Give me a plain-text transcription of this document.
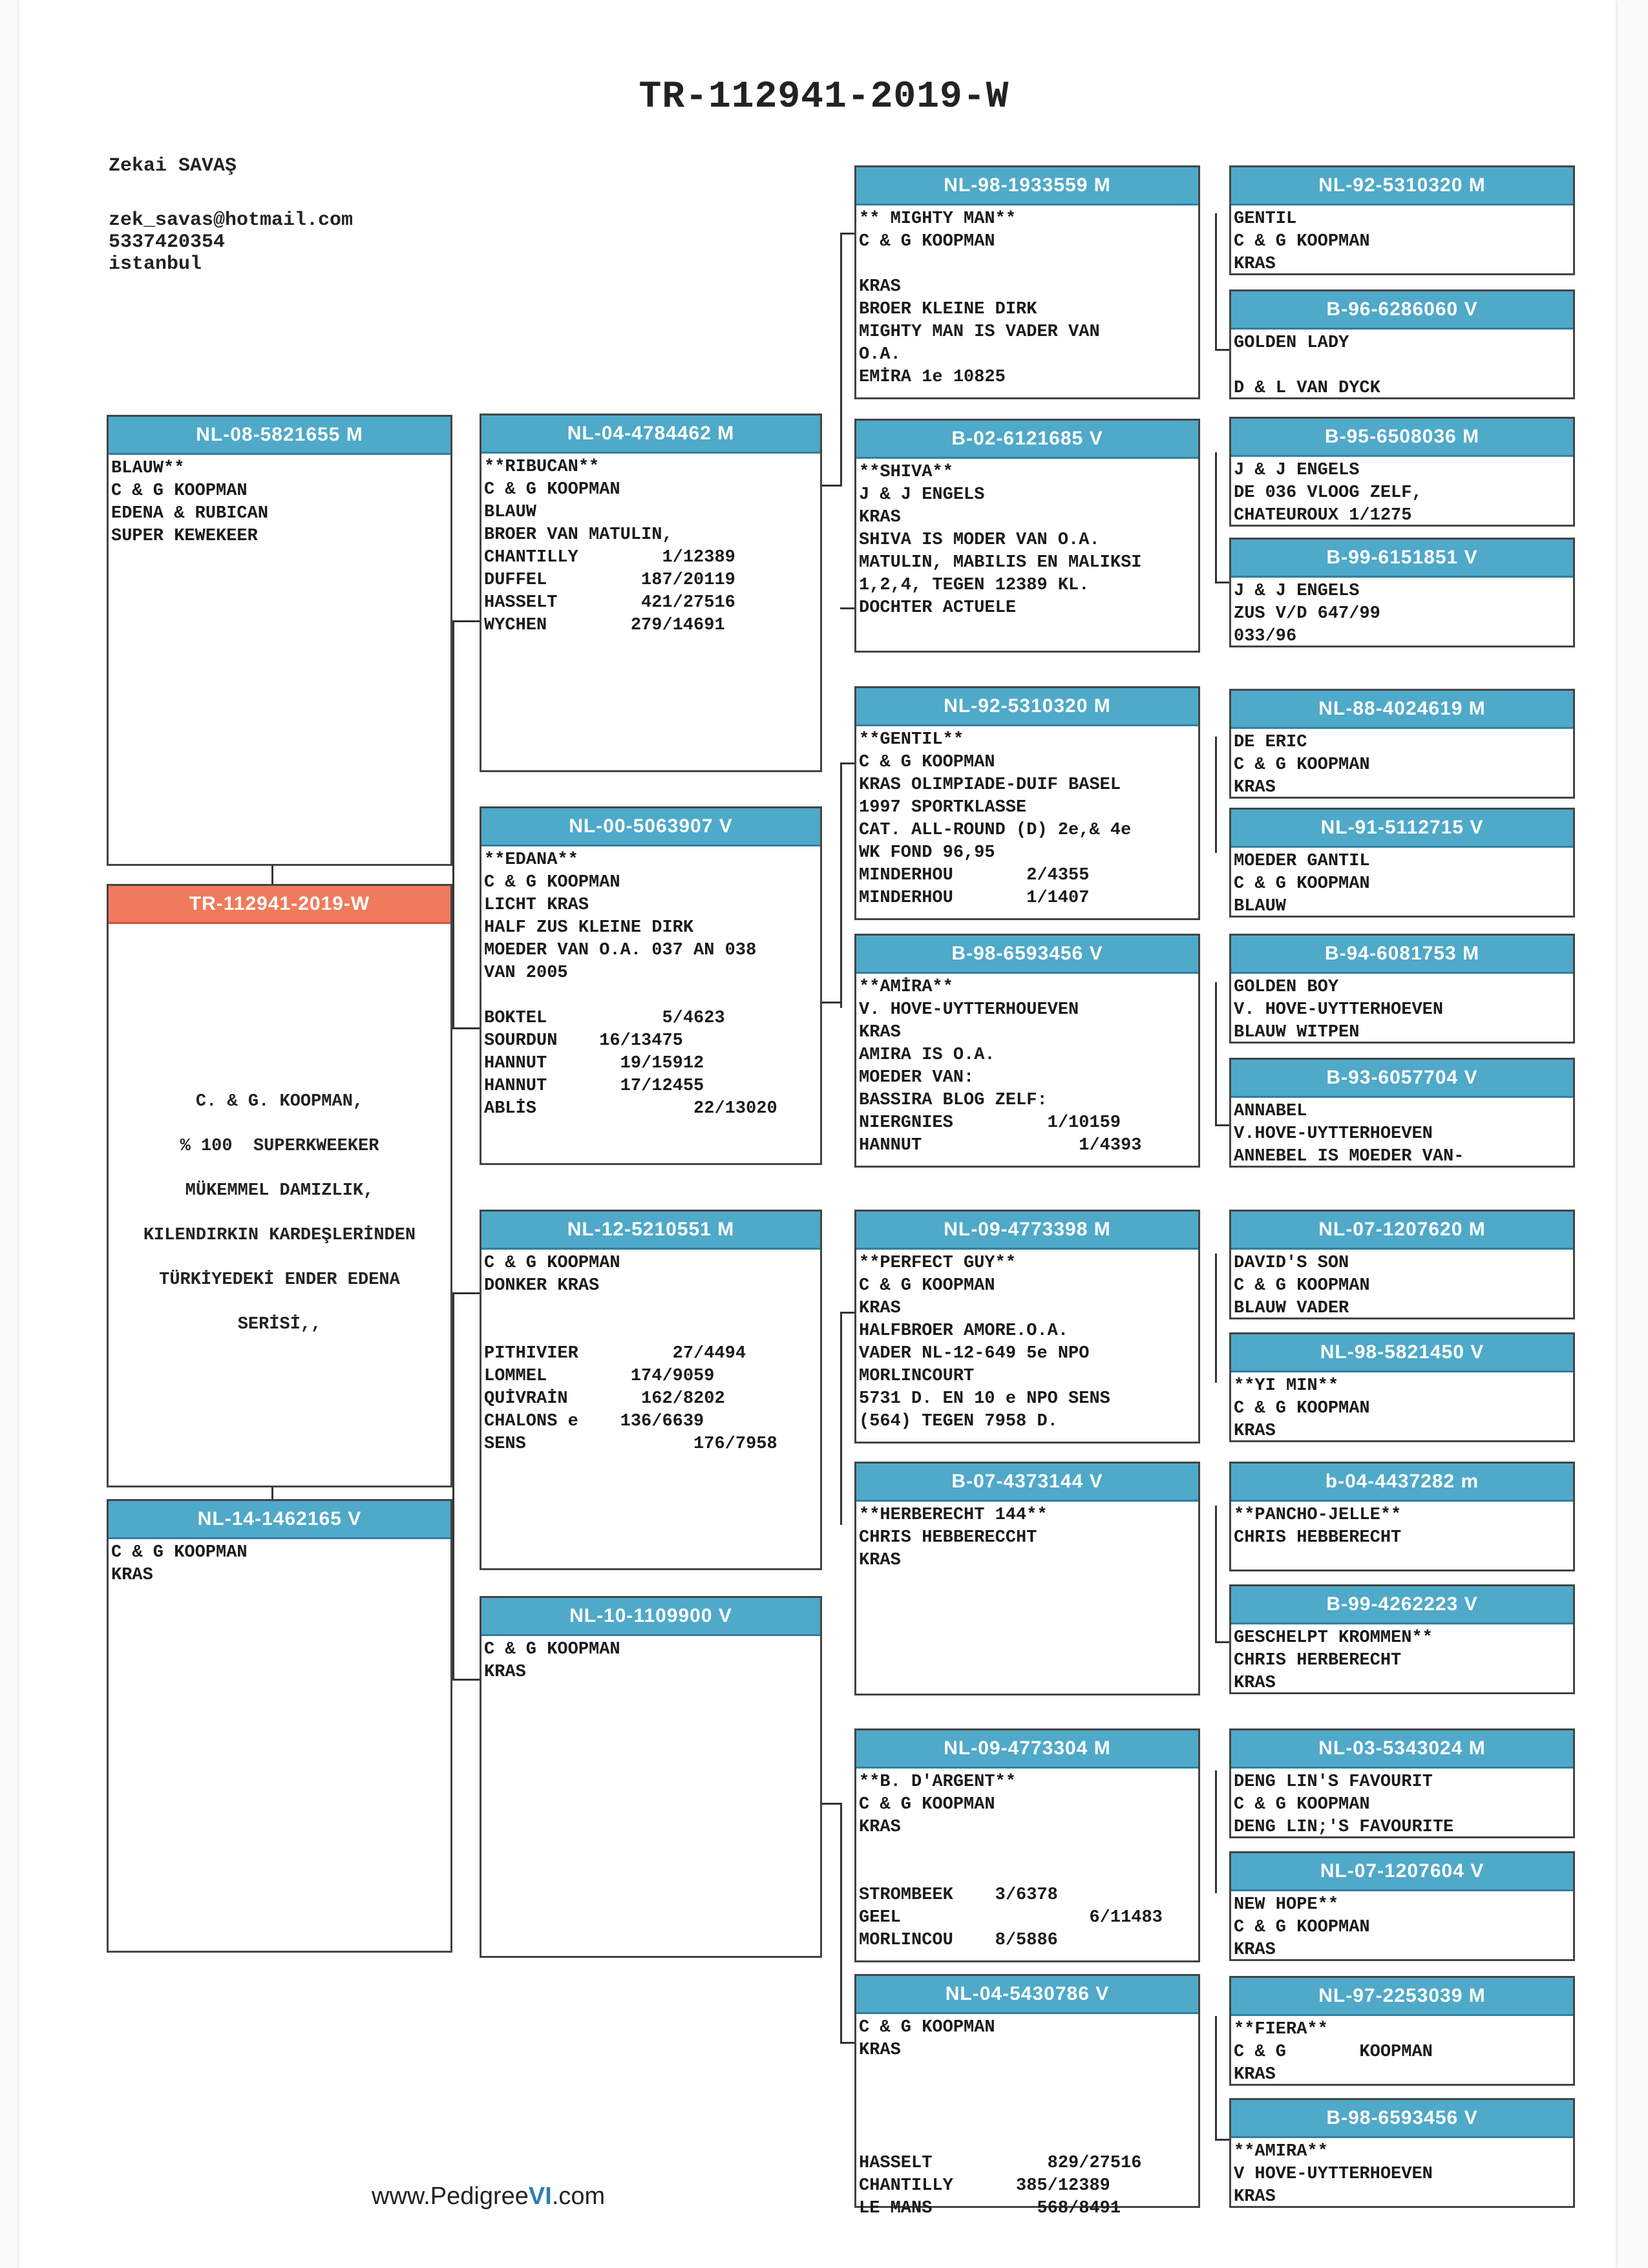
TR-112941-2019-W
Zekai SAVAŞ
zek_savas@hotmail.com
5337420354
istanbul
NL-08-5821655 M
BLAUW**
C & G KOOPMAN
EDENA & RUBICAN
SUPER KEWEKEER
TR-112941-2019-W
C. & G. KOOPMAN,
% 100  SUPERKWEEKER
MÜKEMMEL DAMIZLIK,
KILENDIRKIN KARDEŞLERİNDEN
TÜRKİYEDEKİ ENDER EDENA
SERİSİ,,
NL-14-1462165 V
C & G KOOPMAN
KRAS
NL-04-4784462 M
**RIBUCAN**
C & G KOOPMAN
BLAUW
BROER VAN MATULIN,
CHANTILLY        1/12389
DUFFEL         187/20119
HASSELT        421/27516
WYCHEN        279/14691
NL-00-5063907 V
**EDANA**
C & G KOOPMAN
LICHT KRAS
HALF ZUS KLEINE DIRK
MOEDER VAN O.A. 037 AN 038
VAN 2005

BOKTEL           5/4623
SOURDUN    16/13475
HANNUT       19/15912
HANNUT       17/12455
ABLİS               22/13020
NL-12-5210551 M
C & G KOOPMAN
DONKER KRAS

PITHIVIER         27/4494
LOMMEL        174/9059
QUİVRAİN       162/8202
CHALONS e    136/6639
SENS                176/7958
NL-10-1109900 V
C & G KOOPMAN
KRAS
NL-98-1933559 M
** MIGHTY MAN**
C & G KOOPMAN

KRAS
BROER KLEINE DIRK
MIGHTY MAN IS VADER VAN
O.A.
EMİRA 1e 10825
B-02-6121685 V
**SHIVA**
J & J ENGELS
KRAS
SHIVA IS MODER VAN O.A.
MATULIN, MABILIS EN MALIKSI
1,2,4, TEGEN 12389 KL.
DOCHTER ACTUELE
NL-92-5310320 M
**GENTIL**
C & G KOOPMAN
KRAS OLIMPIADE-DUIF BASEL
1997 SPORTKLASSE
CAT. ALL-ROUND (D) 2e,& 4e
WK FOND 96,95
MINDERHOU       2/4355
MINDERHOU       1/1407
B-98-6593456 V
**AMİRA**
V. HOVE-UYTTERHOUEVEN
KRAS
AMIRA IS O.A.
MOEDER VAN:
BASSIRA BLOG ZELF:
NIERGNIES         1/10159
HANNUT               1/4393
NL-09-4773398 M
**PERFECT GUY**
C & G KOOPMAN
KRAS
HALFBROER AMORE.O.A.
VADER NL-12-649 5e NPO
MORLINCOURT
5731 D. EN 10 e NPO SENS
(564) TEGEN 7958 D.
B-07-4373144 V
**HERBERECHT 144**
CHRIS HEBBERECCHT
KRAS
NL-09-4773304 M
**B. D'ARGENT**
C & G KOOPMAN
KRAS

STROMBEEK    3/6378
GEEL                  6/11483
MORLINCOU    8/5886
NL-04-5430786 V
C & G KOOPMAN
KRAS

HASSELT           829/27516
CHANTILLY      385/12389
LE MANS          568/8491
NL-92-5310320 M
GENTIL
C & G KOOPMAN
KRAS
B-96-6286060 V
GOLDEN LADY

D & L VAN DYCK
B-95-6508036 M
J & J ENGELS
DE 036 VLOOG ZELF,
CHATEUROUX 1/1275
B-99-6151851 V
J & J ENGELS
ZUS V/D 647/99
033/96
NL-88-4024619 M
DE ERIC
C & G KOOPMAN
KRAS
NL-91-5112715 V
MOEDER GANTIL
C & G KOOPMAN
BLAUW
B-94-6081753 M
GOLDEN BOY
V. HOVE-UYTTERHOEVEN
BLAUW WITPEN
B-93-6057704 V
ANNABEL
V.HOVE-UYTTERHOEVEN
ANNEBEL IS MOEDER VAN-
NL-07-1207620 M
DAVID'S SON
C & G KOOPMAN
BLAUW VADER
NL-98-5821450 V
**YI MIN**
C & G KOOPMAN
KRAS
b-04-4437282 m
**PANCHO-JELLE**
CHRIS HEBBERECHT
B-99-4262223 V
GESCHELPT KROMMEN**
CHRIS HERBERECHT
KRAS
NL-03-5343024 M
DENG LIN'S FAVOURIT
C & G KOOPMAN
DENG LIN;'S FAVOURITE
NL-07-1207604 V
NEW HOPE**
C & G KOOPMAN
KRAS
NL-97-2253039 M
**FIERA**
C & G       KOOPMAN
KRAS
B-98-6593456 V
**AMIRA**
V HOVE-UYTTERHOEVEN
KRAS
www.PedigreeVI.com
